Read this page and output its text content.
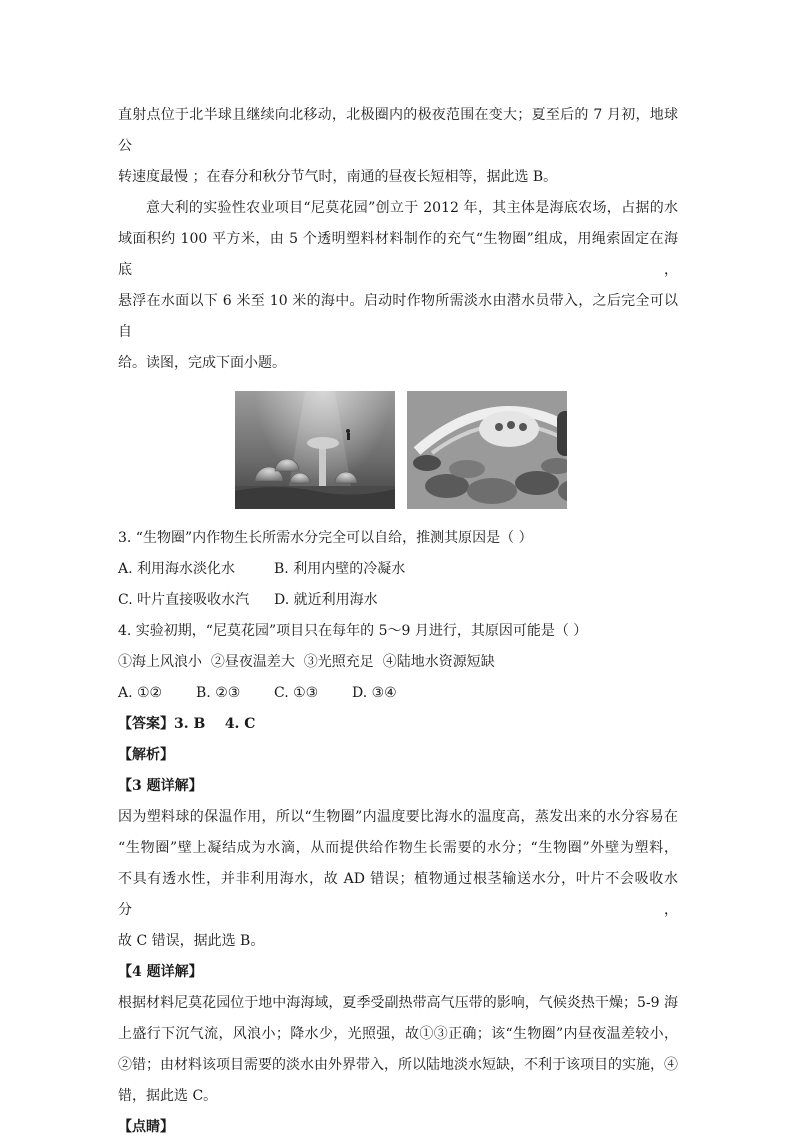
直射点位于北半球且继续向北移动，北极圈内的极夜范围在变大；夏至后的 7 月初，地球公

转速度最慢 ；在春分和秋分节气时，南通的昼夜长短相等，据此选 B。

意大利的实验性农业项目“尼莫花园”创立于 2012 年，其主体是海底农场，占据的水

域面积约 100 平方米，由 5 个透明塑料材料制作的充气“生物圈”组成，用绳索固定在海底，

悬浮在水面以下 6 米至 10 米的海中。启动时作物所需淡水由潜水员带入，之后完全可以自

给。读图，完成下面小题。

3. “生物圈”内作物生长所需水分完全可以自给，推测其原因是（ ）

A. 利用海水淡化水	B. 利用内壁的冷凝水

C. 叶片直接吸收水汽 D. 就近利用海水

4. 实验初期，“尼莫花园”项目只在每年的 5～9 月进行，其原因可能是（ ）

①海上风浪小  ②昼夜温差大  ③光照充足  ④陆地水资源短缺

A. ①② B. ②③ C. ①③ D. ③④

【答案】3. B    4. C

【解析】

【3 题详解】

因为塑料球的保温作用，所以“生物圈”内温度要比海水的温度高，蒸发出来的水分容易在

“生物圈”壁上凝结成为水滴，从而提供给作物生长需要的水分；“生物圈”外壁为塑料，

不具有透水性，并非利用海水，故 AD 错误；植物通过根茎输送水分，叶片不会吸收水分，

故 C 错误，据此选 B。

【4 题详解】

根据材料尼莫花园位于地中海海域，夏季受副热带高气压带的影响，气候炎热干燥；5-9 海

上盛行下沉气流，风浪小；降水少，光照强，故①③正确；该“生物圈”内昼夜温差较小，

②错；由材料该项目需要的淡水由外界带入，所以陆地淡水短缺，不利于该项目的实施，④

错，据此选 C。

【点睛】
